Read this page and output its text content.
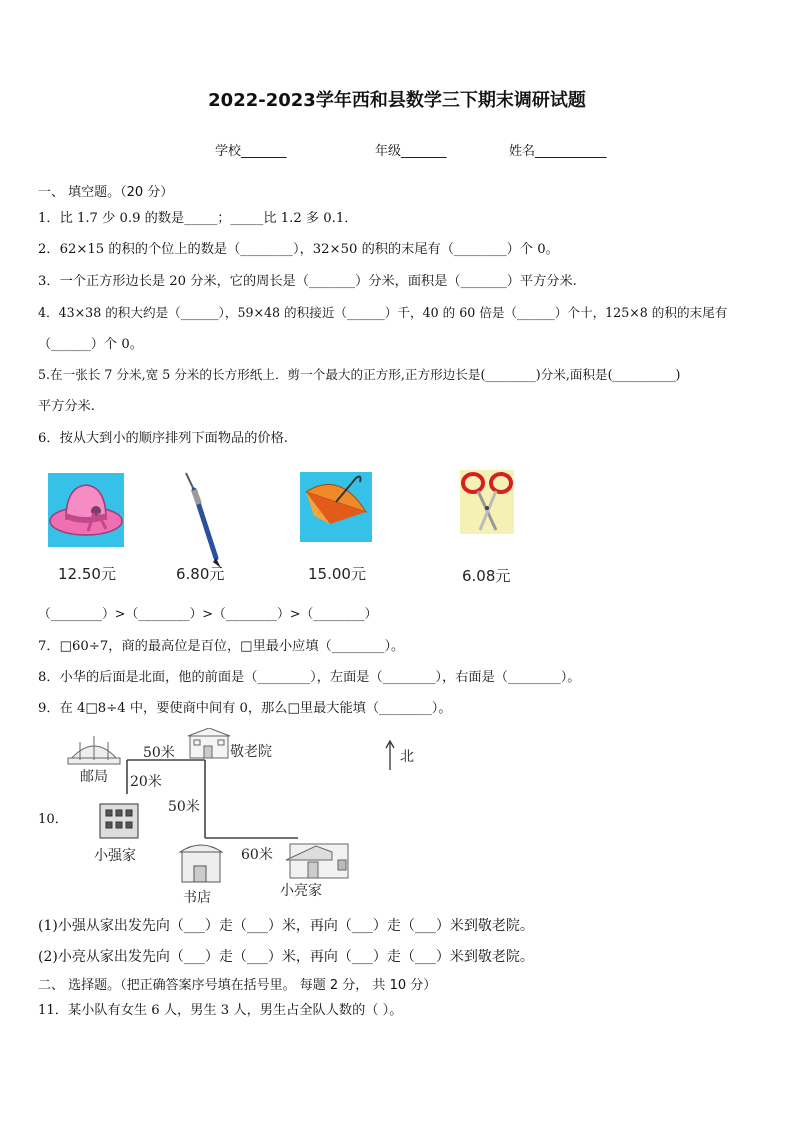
2022-2023学年西和县数学三下期末调研试题
学校_______	年级_______	姓名___________
一、 填空题。（20 分）
1．比 1.7 少 0.9 的数是_____；_____比 1.2 多 0.1．
2．62×15 的积的个位上的数是（________），32×50 的积的末尾有（________）个 0。
3．一个正方形边长是 20 分米，它的周长是（_______）分米，面积是（_______）平方分米.
4．43×38 的积大约是（______），59×48 的积接近（______）千，40 的 60 倍是（______）个十，125×8 的积的末尾有
（______）个 0。
5.在一张长 7 分米,宽 5 分米的长方形纸上．剪一个最大的正方形,正方形边长是(________)分米,面积是(__________)
平方分米.
6．按从大到小的顺序排列下面物品的价格.
12.50元	6.80元	15.00元	6.08元
（________）>（________）>（________）>（________）
7．□60÷7，商的最高位是百位，□里最小应填（________）。
8．小华的后面是北面，他的前面是（________），左面是（________），右面是（________）。
9．在 4□8÷4 中，要使商中间有 0，那么□里最大能填（________）。
邮局
敬老院
小强家
书店	小亮家
50米
20米
50米
60米
北
10．
(1)小强从家出发先向（___）走（___）米，再向（___）走（___）米到敬老院。
(2)小亮从家出发先向（___）走（___）米，再向（___）走（___）米到敬老院。
二、 选择题。（把正确答案序号填在括号里。 每题 2 分， 共 10 分）
11．某小队有女生 6 人，男生 3 人，男生占全队人数的（ ）。
